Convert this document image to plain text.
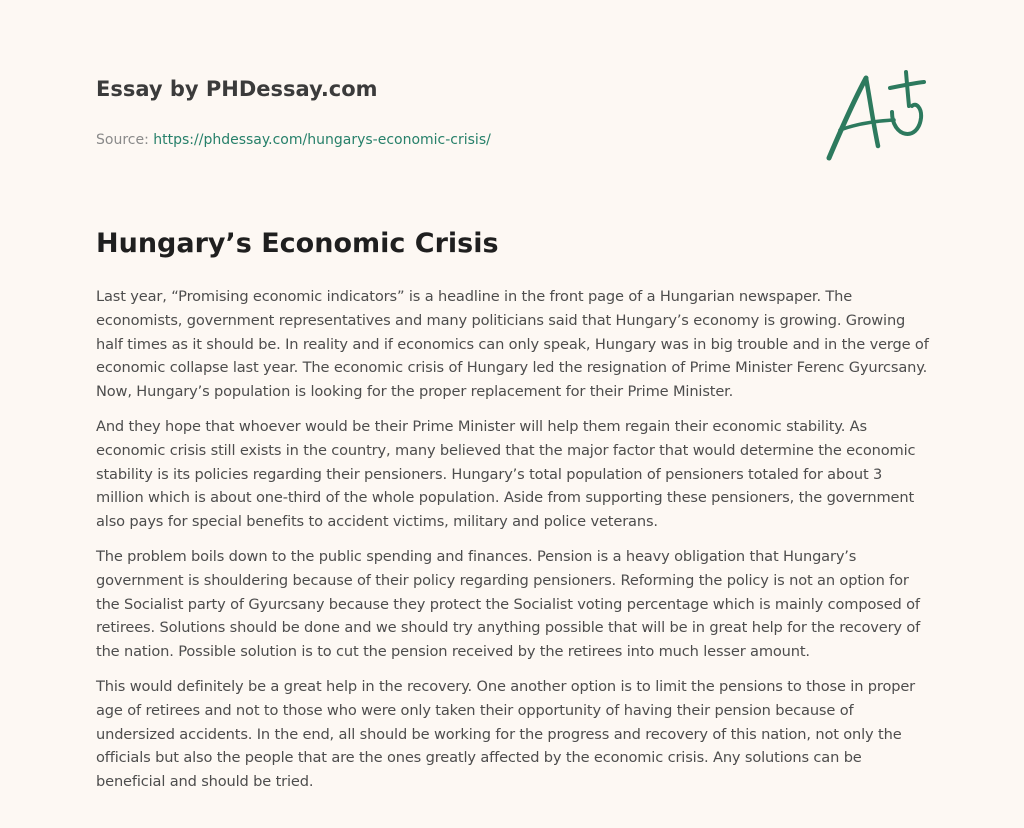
Essay by PHDessay.com

Source: https://phdessay.com/hungarys-economic-crisis/
Hungary’s Economic Crisis

Last year, “Promising economic indicators” is a headline in the front page of a Hungarian newspaper. The economists, government representatives and many politicians said that Hungary’s economy is growing. Growing half times as it should be. In reality and if economics can only speak, Hungary was in big trouble and in the verge of economic collapse last year. The economic crisis of Hungary led the resignation of Prime Minister Ferenc Gyurcsany. Now, Hungary’s population is looking for the proper replacement for their Prime Minister.

And they hope that whoever would be their Prime Minister will help them regain their economic stability. As economic crisis still exists in the country, many believed that the major factor that would determine the economic stability is its policies regarding their pensioners. Hungary’s total population of pensioners totaled for about 3 million which is about one-third of the whole population. Aside from supporting these pensioners, the government also pays for special benefits to accident victims, military and police veterans.

The problem boils down to the public spending and finances. Pension is a heavy obligation that Hungary’s government is shouldering because of their policy regarding pensioners. Reforming the policy is not an option for the Socialist party of Gyurcsany because they protect the Socialist voting percentage which is mainly composed of retirees. Solutions should be done and we should try anything possible that will be in great help for the recovery of the nation. Possible solution is to cut the pension received by the retirees into much lesser amount.

This would definitely be a great help in the recovery. One another option is to limit the pensions to those in proper age of retirees and not to those who were only taken their opportunity of having their pension because of undersized accidents. In the end, all should be working for the progress and recovery of this nation, not only the officials but also the people that are the ones greatly affected by the economic crisis. Any solutions can be beneficial and should be tried.
